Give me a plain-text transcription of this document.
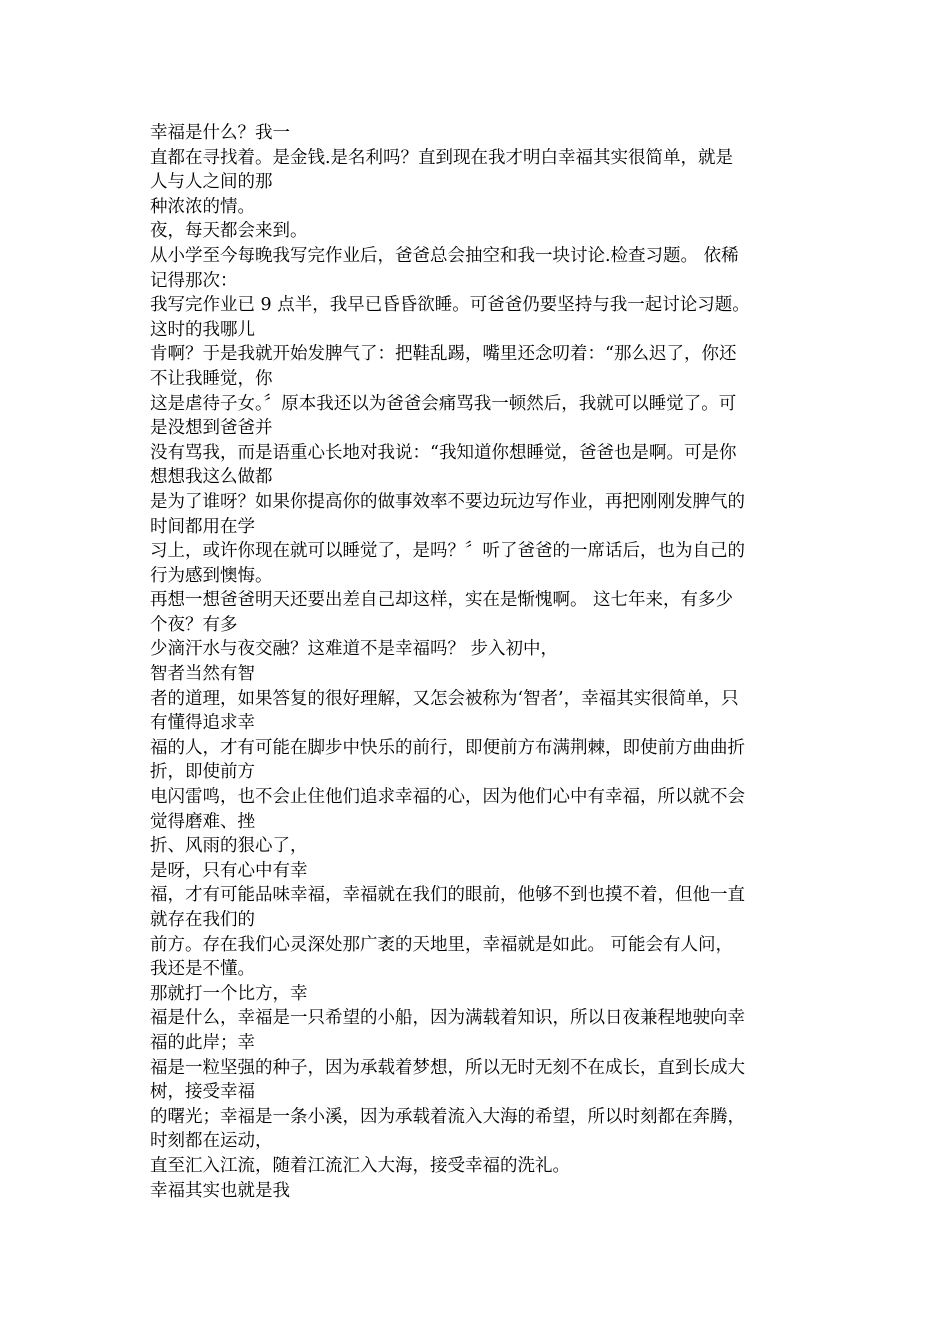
幸福是什么？我一
直都在寻找着。是金钱.是名利吗？直到现在我才明白幸福其实很简单，就是
人与人之间的那
种浓浓的情。
夜，每天都会来到。
从小学至今每晚我写完作业后，爸爸总会抽空和我一块讨论.检查习题。 依稀
记得那次：
我写完作业已 9 点半，我早已昏昏欲睡。可爸爸仍要坚持与我一起讨论习题。
这时的我哪儿
肯啊？于是我就开始发脾气了：把鞋乱踢，嘴里还念叨着：“那么迟了，你还
不让我睡觉，你
这是虐待子女。〞原本我还以为爸爸会痛骂我一顿然后，我就可以睡觉了。可
是没想到爸爸并
没有骂我，而是语重心长地对我说：“我知道你想睡觉，爸爸也是啊。可是你
想想我这么做都
是为了谁呀？如果你提高你的做事效率不要边玩边写作业，再把刚刚发脾气的
时间都用在学
习上，或许你现在就可以睡觉了，是吗？〞听了爸爸的一席话后，也为自己的
行为感到懊悔。
再想一想爸爸明天还要出差自己却这样，实在是惭愧啊。 这七年来，有多少
个夜？有多
少滴汗水与夜交融？这难道不是幸福吗？ 步入初中，
智者当然有智
者的道理，如果答复的很好理解，又怎会被称为‘智者’，幸福其实很简单，只
有懂得追求幸
福的人，才有可能在脚步中快乐的前行，即便前方布满荆棘，即使前方曲曲折
折，即使前方
电闪雷鸣，也不会止住他们追求幸福的心，因为他们心中有幸福，所以就不会
觉得磨难、挫
折、风雨的狠心了，
是呀，只有心中有幸
福，才有可能品味幸福，幸福就在我们的眼前，他够不到也摸不着，但他一直
就存在我们的
前方。存在我们心灵深处那广袤的天地里，幸福就是如此。 可能会有人问，
我还是不懂。
那就打一个比方，幸
福是什么，幸福是一只希望的小船，因为满载着知识，所以日夜兼程地驶向幸
福的此岸；幸
福是一粒坚强的种子，因为承载着梦想，所以无时无刻不在成长，直到长成大
树，接受幸福
的曙光；幸福是一条小溪，因为承载着流入大海的希望，所以时刻都在奔腾，
时刻都在运动，
直至汇入江流，随着江流汇入大海，接受幸福的洗礼。
幸福其实也就是我
